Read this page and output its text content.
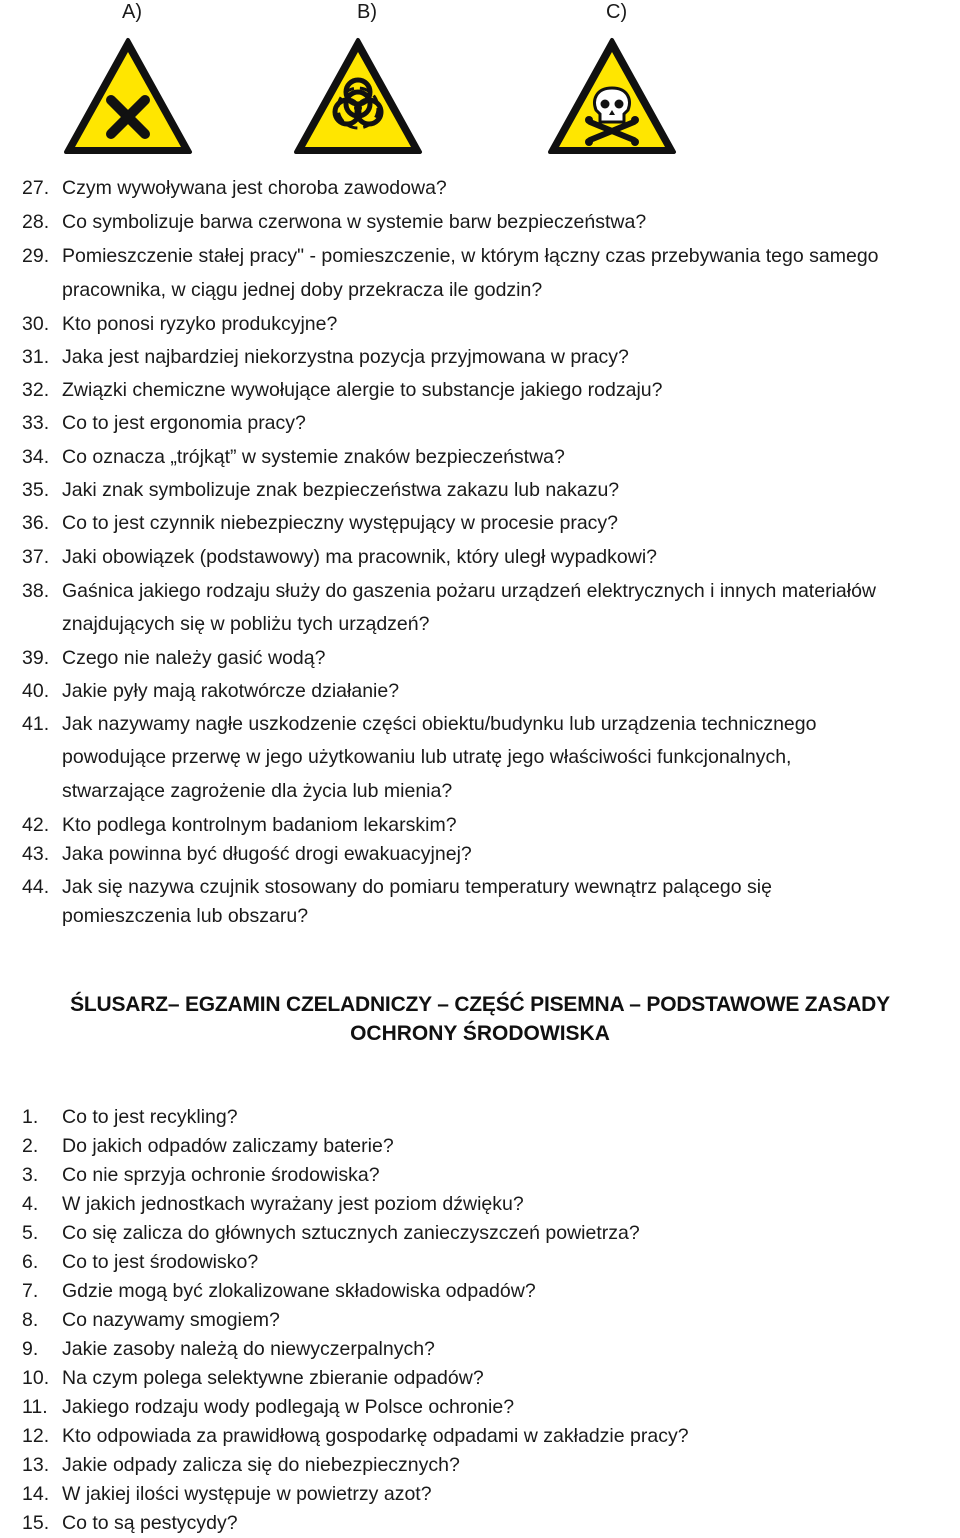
A)	B)	C)
27. Czym wywoływana jest choroba zawodowa?
28. Co symbolizuje barwa czerwona w systemie barw bezpieczeństwa?
29. Pomieszczenie stałej pracy" - pomieszczenie, w którym łączny czas przebywania tego samego
pracownika, w ciągu jednej doby przekracza ile godzin?
30. Kto ponosi ryzyko produkcyjne?
31. Jaka jest najbardziej niekorzystna pozycja przyjmowana w pracy?
32. Związki chemiczne wywołujące alergie to substancje jakiego rodzaju?
33. Co to jest ergonomia pracy?
34. Co oznacza „trójkąt” w systemie znaków bezpieczeństwa?
35. Jaki znak symbolizuje znak bezpieczeństwa zakazu lub nakazu?
36. Co to jest czynnik niebezpieczny występujący w procesie pracy?
37. Jaki obowiązek (podstawowy) ma pracownik, który uległ wypadkowi?
38. Gaśnica jakiego rodzaju służy do gaszenia pożaru urządzeń elektrycznych i innych materiałów
znajdujących się w pobliżu tych urządzeń?
39. Czego nie należy gasić wodą?
40. Jakie pyły mają rakotwórcze działanie?
41. Jak nazywamy nagłe uszkodzenie części obiektu/budynku lub urządzenia technicznego
powodujące przerwę w jego użytkowaniu lub utratę jego właściwości funkcjonalnych,
stwarzające zagrożenie dla życia lub mienia?
42. Kto podlega kontrolnym badaniom lekarskim?
43. Jaka powinna być długość drogi ewakuacyjnej?
44. Jak się nazywa czujnik stosowany do pomiaru temperatury wewnątrz palącego się
pomieszczenia lub obszaru?
ŚLUSARZ– EGZAMIN CZELADNICZY – CZĘŚĆ PISEMNA – PODSTAWOWE ZASADY
OCHRONY ŚRODOWISKA
1. Co to jest recykling?
2. Do jakich odpadów zaliczamy baterie?
3. Co nie sprzyja ochronie środowiska?
4. W jakich jednostkach wyrażany jest poziom dźwięku?
5. Co się zalicza do głównych sztucznych zanieczyszczeń powietrza?
6. Co to jest środowisko?
7. Gdzie mogą być zlokalizowane składowiska odpadów?
8. Co nazywamy smogiem?
9. Jakie zasoby należą do niewyczerpalnych?
10. Na czym polega selektywne zbieranie odpadów?
11. Jakiego rodzaju wody podlegają w Polsce ochronie?
12. Kto odpowiada za prawidłową gospodarkę odpadami w zakładzie pracy?
13. Jakie odpady zalicza się do niebezpiecznych?
14. W jakiej ilości występuje w powietrzy azot?
15. Co to są pestycydy?
